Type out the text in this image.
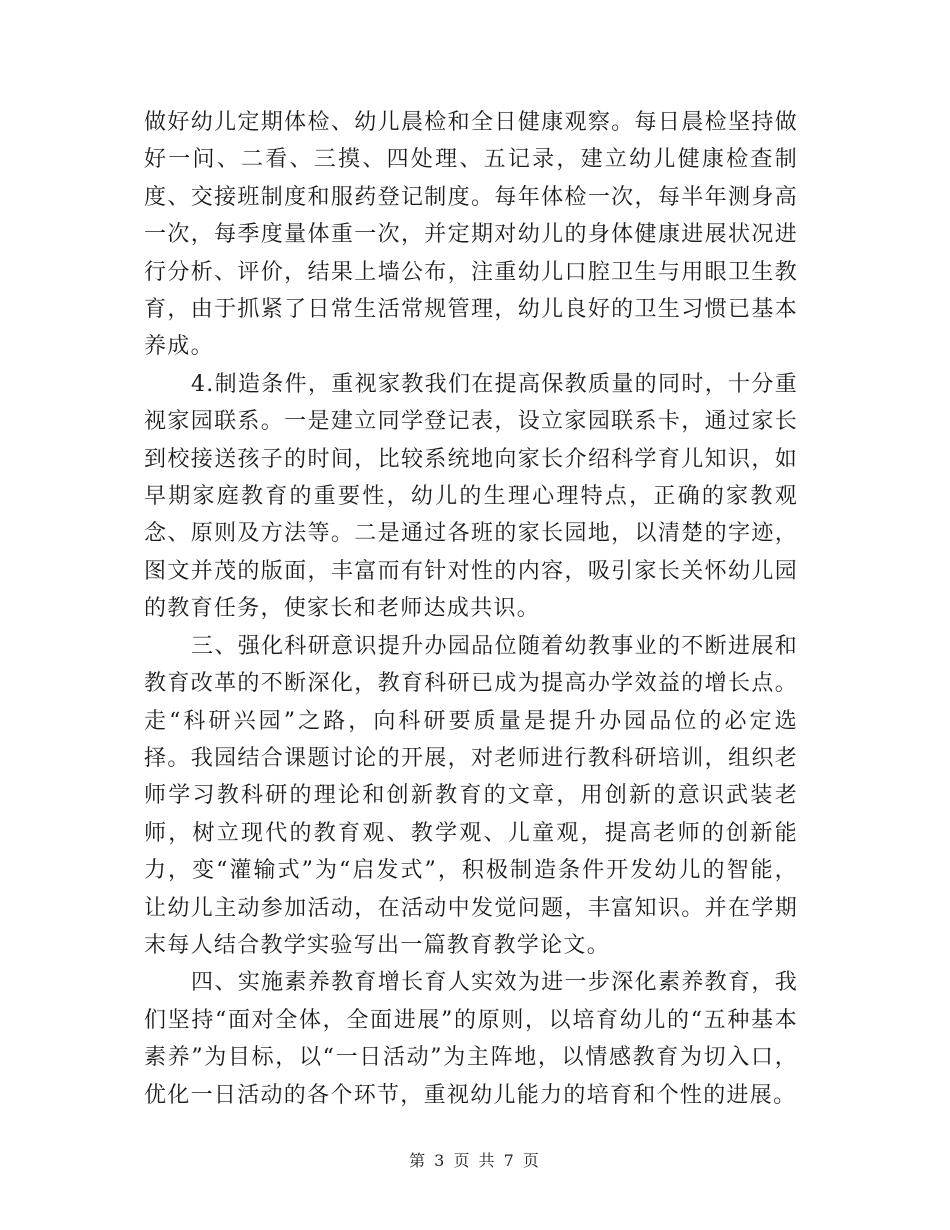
做好幼儿定期体检、幼儿晨检和全日健康观察。每日晨检坚持做好一问、二看、三摸、四处理、五记录，建立幼儿健康检查制度、交接班制度和服药登记制度。每年体检一次，每半年测身高一次，每季度量体重一次，并定期对幼儿的身体健康进展状况进行分析、评价，结果上墙公布，注重幼儿口腔卫生与用眼卫生教育，由于抓紧了日常生活常规管理，幼儿良好的卫生习惯已基本养成。

4.制造条件，重视家教我们在提高保教质量的同时，十分重视家园联系。一是建立同学登记表，设立家园联系卡，通过家长到校接送孩子的时间，比较系统地向家长介绍科学育儿知识，如早期家庭教育的重要性，幼儿的生理心理特点，正确的家教观念、原则及方法等。二是通过各班的家长园地，以清楚的字迹，图文并茂的版面，丰富而有针对性的内容，吸引家长关怀幼儿园的教育任务，使家长和老师达成共识。

三、强化科研意识提升办园品位随着幼教事业的不断进展和教育改革的不断深化，教育科研已成为提高办学效益的增长点。走“科研兴园”之路，向科研要质量是提升办园品位的必定选择。我园结合课题讨论的开展，对老师进行教科研培训，组织老师学习教科研的理论和创新教育的文章，用创新的意识武装老师，树立现代的教育观、教学观、儿童观，提高老师的创新能力，变“灌输式”为“启发式”，积极制造条件开发幼儿的智能，让幼儿主动参加活动，在活动中发觉问题，丰富知识。并在学期末每人结合教学实验写出一篇教育教学论文。

四、实施素养教育增长育人实效为进一步深化素养教育，我们坚持“面对全体，全面进展”的原则，以培育幼儿的“五种基本素养”为目标，以“一日活动”为主阵地，以情感教育为切入口，优化一日活动的各个环节，重视幼儿能力的培育和个性的进展。

第 3 页 共 7 页
